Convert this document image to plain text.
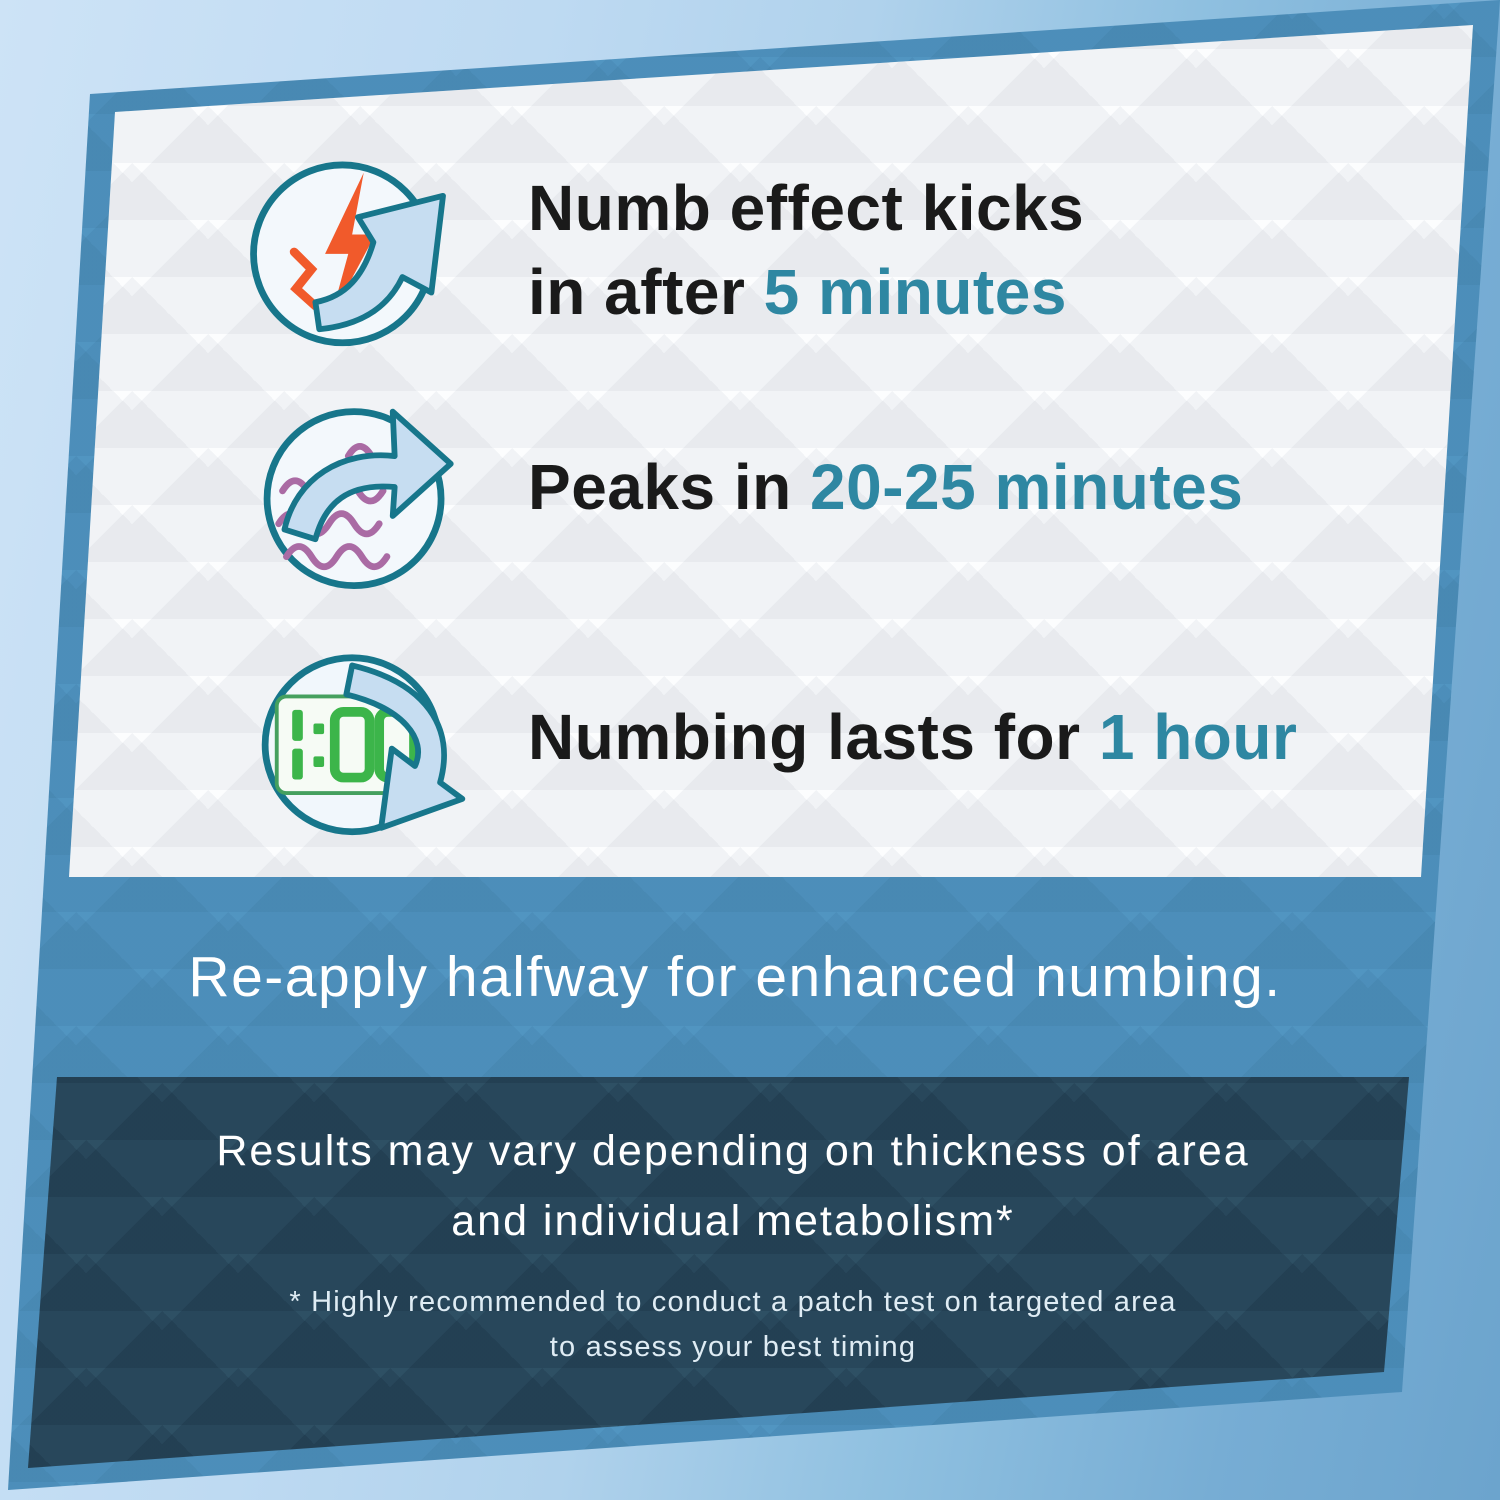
Numb effect kicks
in after 5 minutes
Peaks in 20-25 minutes
Numbing lasts for 1 hour
Re-apply halfway for enhanced numbing.
Results may vary depending on thickness of area
and individual metabolism*
* Highly recommended to conduct a patch test on targeted area
to assess your best timing
